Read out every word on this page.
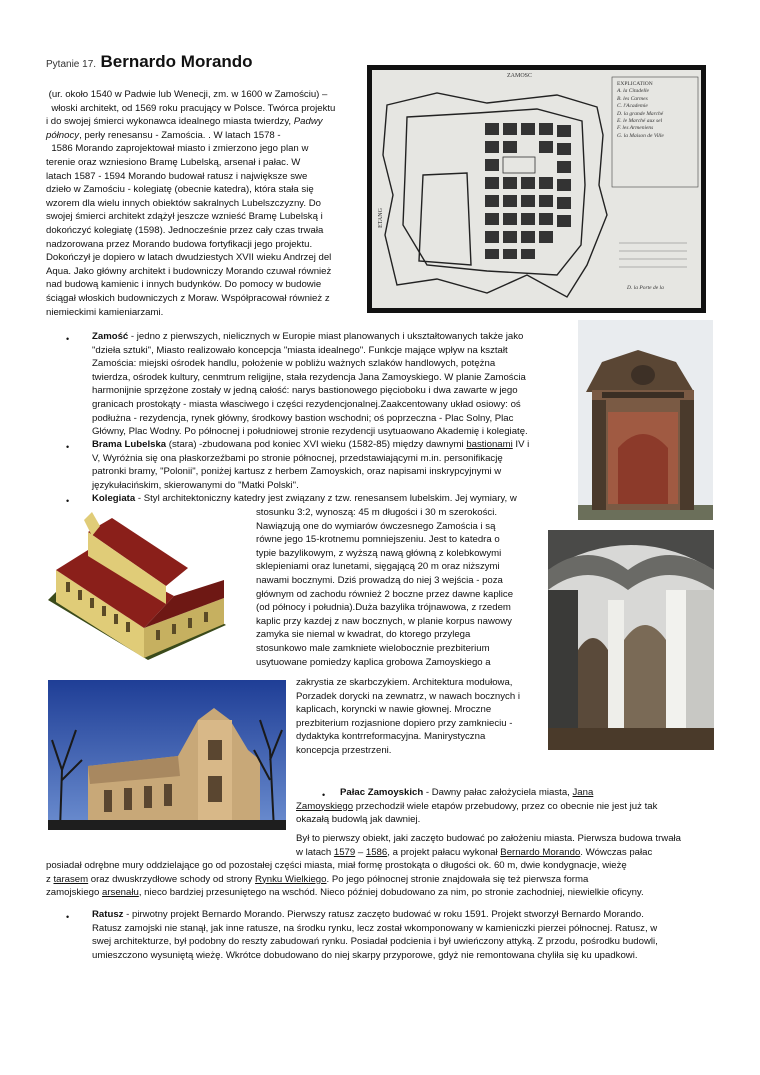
Pytanie 17. Bernardo Morando
(ur. około 1540 w Padwie lub Wenecji, zm. w 1600 w Zamościu) –
włoski architekt, od 1569 roku pracujący w Polsce. Twórca projektu
i do swojej śmierci wykonawca idealnego miasta twierdzy, Padwy
północy, perły renesansu - Zamościa. . W latach 1578 -
1586 Morando zaprojektował miasto i zmierzono jego plan w
terenie oraz wzniesiono Bramę Lubelską, arsenał i pałac. W
latach 1587 - 1594 Morando budował ratusz i największe swe
dzieło w Zamościu - kolegiatę (obecnie katedra), która stała się
wzorem dla wielu innych obiektów sakralnych Lubelszczyzny. Do
swojej śmierci architekt zdążył jeszcze wznieść Bramę Lubelską i
dokończyć kolegiatę (1598). Jednocześnie przez cały czas trwała
nadzorowana przez Morando budowa fortyfikacji jego projektu.
Dokończył je dopiero w latach dwudziestych XVII wieku Andrzej del
Aqua. Jako główny architekt i budowniczy Morando czuwał również
nad budową kamienic i innych budynków. Do pomocy w budowie
ściągał włoskich budowniczych z Moraw. Współpracował również z
niemieckimi kamieniarzami.
ZAMOSC
EXPLICATION
A. la Citadelle
B. les Carmes
C. l'Academie
D. la grande Marché
E. le Marché aux sel
F. les Armeniens
G. la Maison de Ville
ETANG
D. la Porte de la
• Zamość - jedno z pierwszych, nielicznych w Europie miast planowanych i ukształtowanych także jako
"dzieła sztuki", Miasto realizowało koncepcja "miasta idealnego". Funkcje mające wpływ na kształt
Zamościa: miejski ośrodek handlu, położenie w pobliżu ważnych szlaków handlowych, potężna
twierdza, ośrodek kultury, cenmtrum religijne, stała rezydencja Jana Zamoyskiego. W planie Zamościa
harmonijnie sprzężone zostały w jedną całość: narys bastionowego pięcioboku i dwa zawarte w jego
granicach prostokąty - miasta własciwego i części rezydencjonalnej.Zaakcentowany układ osiowy: oś
podłużna - rezydencja, rynek główny, środkowy bastion wschodni; oś poprzeczna - Plac Solny, Plac
Główny, Plac Wodny. Po północnej i południowej stronie rezydencji usytuaowano Akademię i kolegiatę.
• Brama Lubelska (stara) -zbudowana pod koniec XVI wieku (1582-85) między dawnymi bastionami IV i
V, Wyróżnia się ona płaskorzeźbami po stronie północnej, przedstawiającymi m.in. personifikację
patronki bramy, "Polonii", poniżej kartusz z herbem Zamoyskich, oraz napisami inskrypcyjnymi w
językułacińskim, skierowanymi do "Matki Polski".
• Kolegiata - Styl architektoniczny katedry jest związany z tzw. renesansem lubelskim. Jej wymiary, w
stosunku 3:2, wynoszą: 45 m długości i 30 m szerokości.
Nawiązują one do wymiarów ówczesnego Zamościa i są
równe jego 15-krotnemu pomniejszeniu. Jest to katedra o
typie bazylikowym, z wyższą nawą główną z kolebkowymi
sklepieniami oraz lunetami, sięgającą 20 m oraz niższymi
nawami bocznymi. Dziś prowadzą do niej 3 wejścia - poza
głównym od zachodu również 2 boczne przez dawne kaplice
(od północy i południa).Duża bazylika trójnawowa, z rzedem
kaplic przy kazdej z naw bocznych, w planie korpus nawowy
zamyka sie niemal w kwadrat, do ktorego przylega
stosunkowo male zamkniete wielobocznie prezbiterium
usytuowane pomiedzy kaplica grobowa Zamoyskiego a
zakrystia ze skarbczykiem. Architektura modułowa,
Porzadek dorycki na zewnatrz, w nawach bocznych i
kaplicach, koryncki w nawie głownej. Mroczne
prezbiterium rozjasnione dopiero przy zamknieciu -
dydaktyka kontrreformacyjna. Manirystyczna
koncepcja przestrzeni.
•	Pałac Zamoyskich - Dawny pałac założyciela miasta, Jana
Zamoyskiego przechodził wiele etapów przebudowy, przez co obecnie nie jest już tak
okazałą budowlą jak dawniej.
Był to pierwszy obiekt, jaki zaczęto budować po założeniu miasta. Pierwsza budowa trwała
w latach 1579 – 1586, a projekt pałacu wykonał Bernardo Morando. Wówczas pałac
posiadał odrębne mury oddzielające go od pozostałej części miasta, miał formę prostokąta o długości ok. 60 m, dwie kondygnacje, wieżę
z tarasem oraz dwuskrzydłowe schody od strony Rynku Wielkiego. Po jego północnej stronie znajdowała się też pierwsza forma
zamojskiego arsenału, nieco bardziej przesuniętego na wschód. Nieco później dobudowano za nim, po stronie zachodniej, niewielkie oficyny.
• Ratusz - pirwotny projekt Bernardo Morando. Pierwszy ratusz zaczęto budować w roku 1591. Projekt stworzył Bernardo Morando.
Ratusz zamojski nie stanął, jak inne ratusze, na środku rynku, lecz został wkomponowany w kamieniczki pierzei północnej. Ratusz, w
swej architekturze, był podobny do reszty zabudowań rynku. Posiadał podcienia i był uwieńczony attyką. Z przodu, pośrodku budowli,
umieszczono wysuniętą wieżę. Wkrótce dobudowano do niej skarpy przyporowe, gdyż nie remontowana chyliła się ku upadkowi.
